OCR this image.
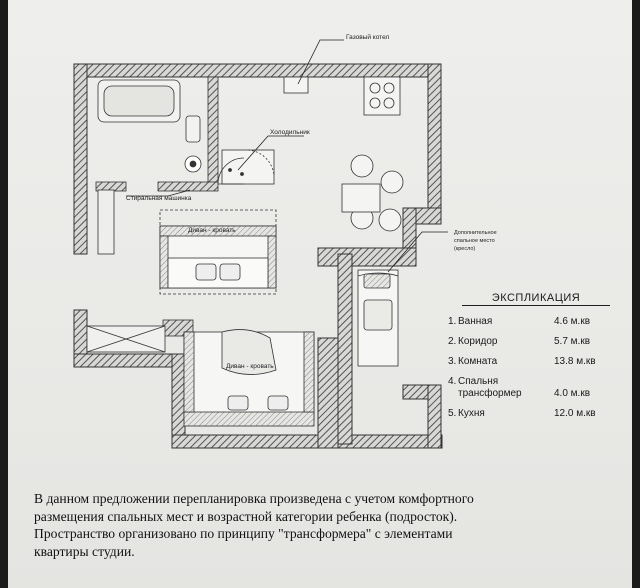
Газовый котел
Холодильник
Стиральная машинка
Диван - кровать
Диван - кровать
Дополнительное
спальное место
(кресло)
ЭКСПЛИКАЦИЯ
1. Ванная	4.6 м.кв
2. Коридор	5.7 м.кв
3. Комната	13.8 м.кв
4. Спальня трансформер	4.0 м.кв
5. Кухня	12.0 м.кв

В данном предложении перепланировка произведена с учетом комфортного

размещения спальных мест и возрастной категории ребенка (подросток).

Пространство организовано по принципу "трансформера" с элементами

квартиры студии.
